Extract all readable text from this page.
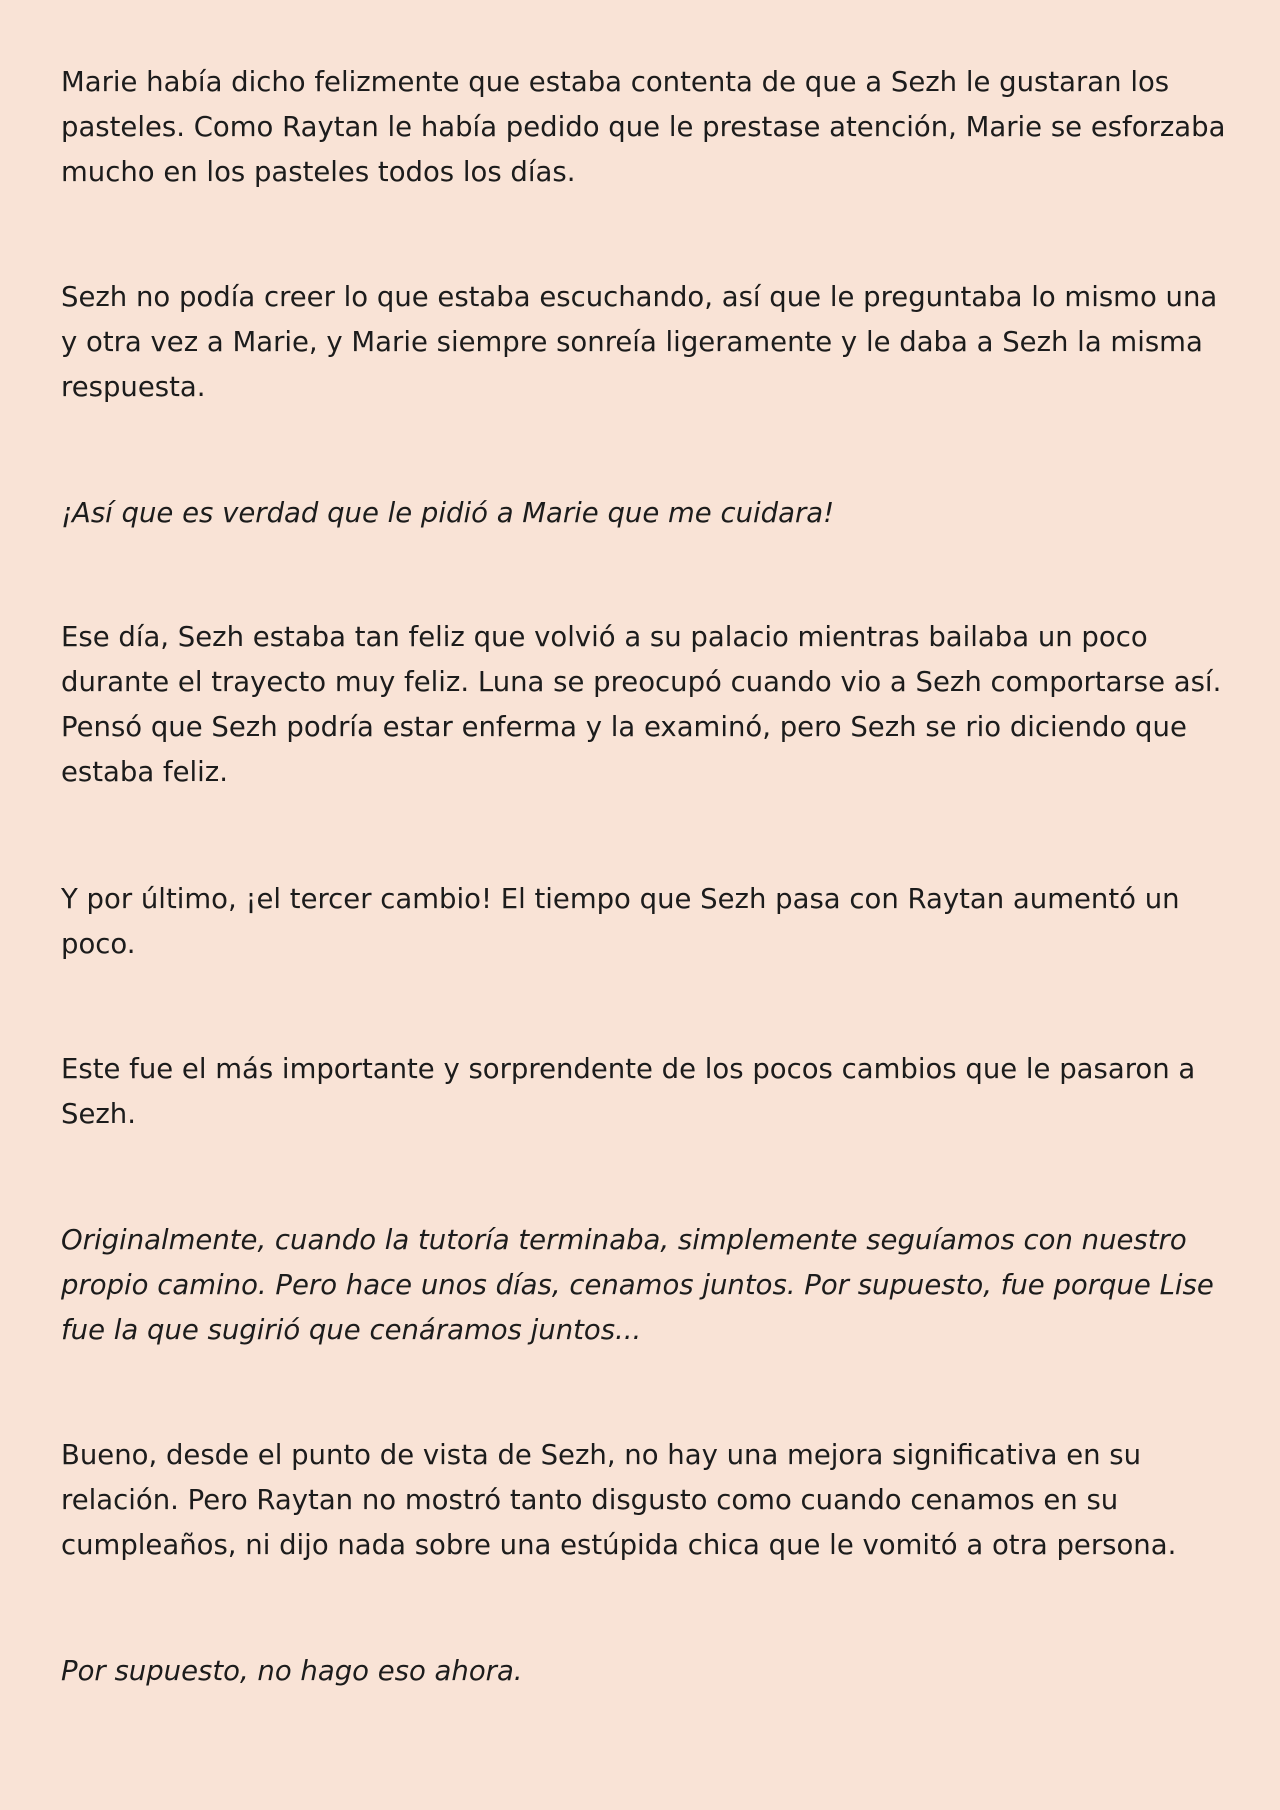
Marie había dicho felizmente que estaba contenta de que a Sezh le gustaran los pasteles. Como Raytan le había pedido que le prestase atención, Marie se esforzaba mucho en los pasteles todos los días.

Sezh no podía creer lo que estaba escuchando, así que le preguntaba lo mismo una y otra vez a Marie, y Marie siempre sonreía ligeramente y le daba a Sezh la misma respuesta.

¡Así que es verdad que le pidió a Marie que me cuidara!

Ese día, Sezh estaba tan feliz que volvió a su palacio mientras bailaba un poco durante el trayecto muy feliz. Luna se preocupó cuando vio a Sezh comportarse así. Pensó que Sezh podría estar enferma y la examinó, pero Sezh se rio diciendo que estaba feliz.

Y por último, ¡el tercer cambio! El tiempo que Sezh pasa con Raytan aumentó un poco.

Este fue el más importante y sorprendente de los pocos cambios que le pasaron a Sezh.

Originalmente, cuando la tutoría terminaba, simplemente seguíamos con nuestro propio camino. Pero hace unos días, cenamos juntos. Por supuesto, fue porque Lise fue la que sugirió que cenáramos juntos...

Bueno, desde el punto de vista de Sezh, no hay una mejora significativa en su relación. Pero Raytan no mostró tanto disgusto como cuando cenamos en su cumpleaños, ni dijo nada sobre una estúpida chica que le vomitó a otra persona.

Por supuesto, no hago eso ahora.
